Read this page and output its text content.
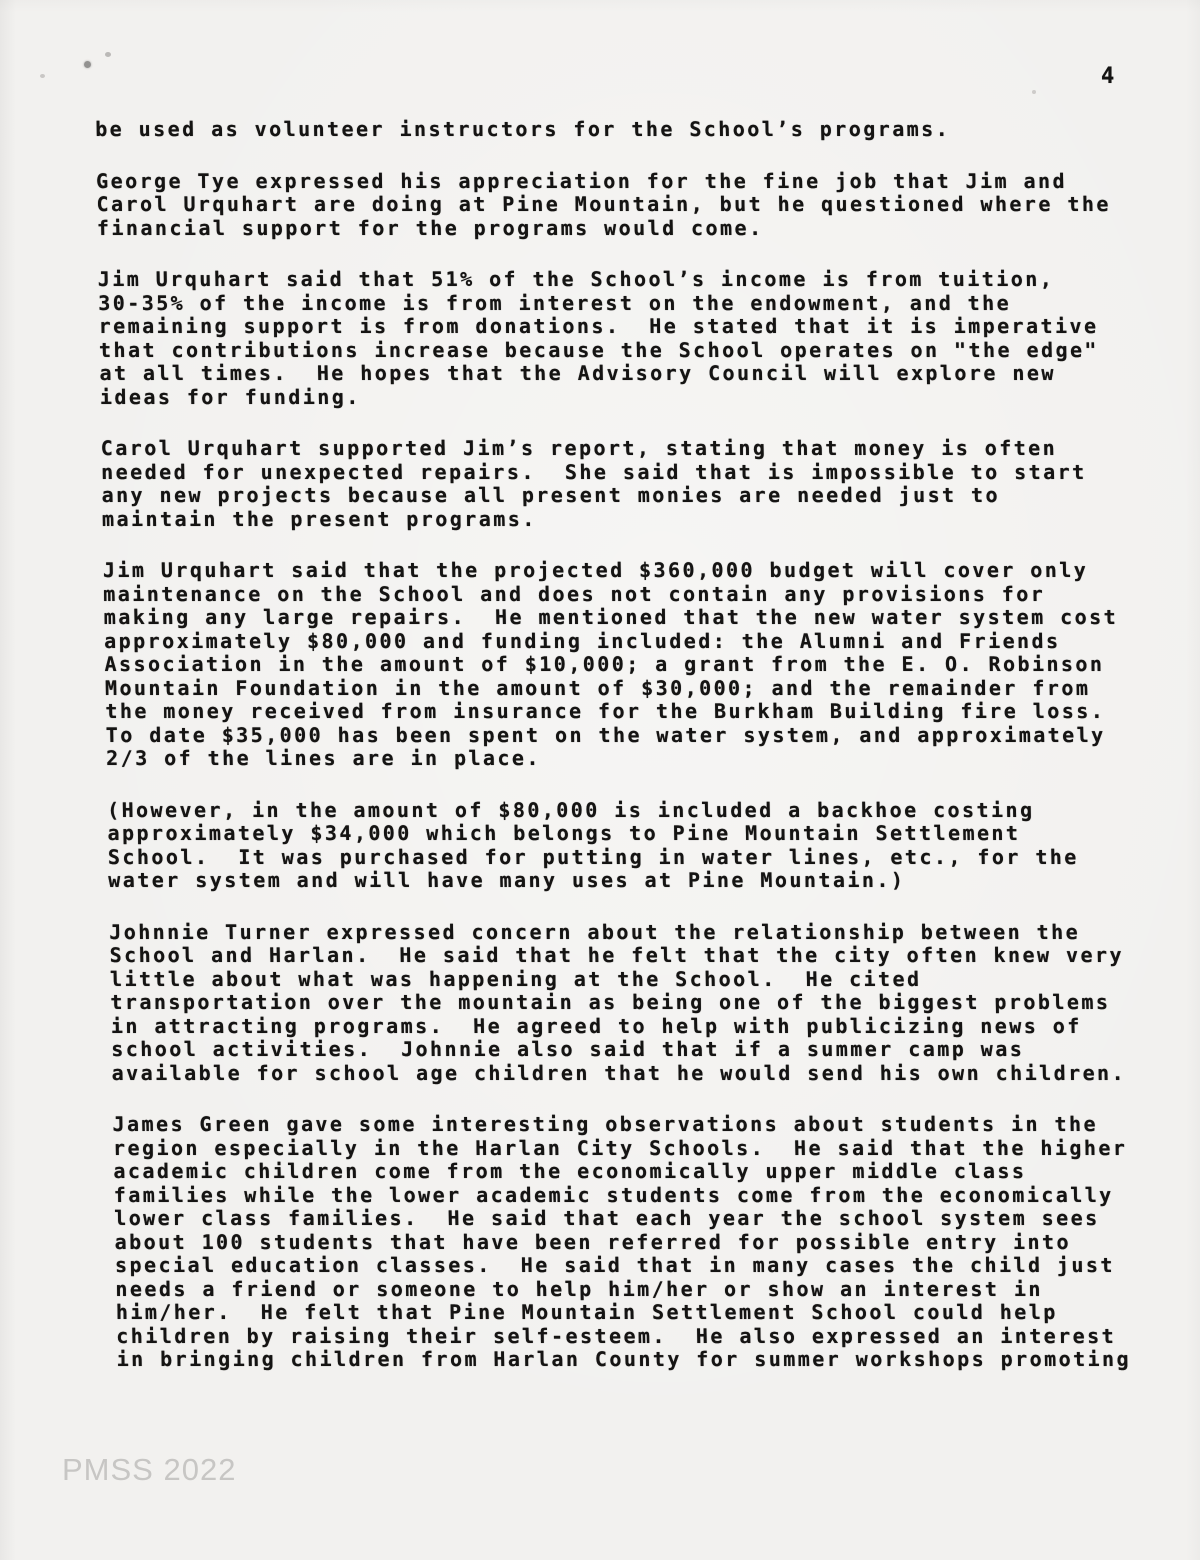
4
be used as volunteer instructors for the School’s programs.
George Tye expressed his appreciation for the fine job that Jim and
Carol Urquhart are doing at Pine Mountain, but he questioned where the
financial support for the programs would come.
Jim Urquhart said that 51% of the School’s income is from tuition,
30-35% of the income is from interest on the endowment, and the
remaining support is from donations.  He stated that it is imperative
that contributions increase because the School operates on "the edge"
at all times.  He hopes that the Advisory Council will explore new
ideas for funding.
Carol Urquhart supported Jim’s report, stating that money is often
needed for unexpected repairs.  She said that is impossible to start
any new projects because all present monies are needed just to
maintain the present programs.
Jim Urquhart said that the projected $360,000 budget will cover only
maintenance on the School and does not contain any provisions for
making any large repairs.  He mentioned that the new water system cost
approximately $80,000 and funding included: the Alumni and Friends
Association in the amount of $10,000; a grant from the E. O. Robinson
Mountain Foundation in the amount of $30,000; and the remainder from
the money received from insurance for the Burkham Building fire loss.
To date $35,000 has been spent on the water system, and approximately
2/3 of the lines are in place.
(However, in the amount of $80,000 is included a backhoe costing
approximately $34,000 which belongs to Pine Mountain Settlement
School.  It was purchased for putting in water lines, etc., for the
water system and will have many uses at Pine Mountain.)
Johnnie Turner expressed concern about the relationship between the
School and Harlan.  He said that he felt that the city often knew very
little about what was happening at the School.  He cited
transportation over the mountain as being one of the biggest problems
in attracting programs.  He agreed to help with publicizing news of
school activities.  Johnnie also said that if a summer camp was
available for school age children that he would send his own children.
James Green gave some interesting observations about students in the
region especially in the Harlan City Schools.  He said that the higher
academic children come from the economically upper middle class
families while the lower academic students come from the economically
lower class families.  He said that each year the school system sees
about 100 students that have been referred for possible entry into
special education classes.  He said that in many cases the child just
needs a friend or someone to help him/her or show an interest in
him/her.  He felt that Pine Mountain Settlement School could help
children by raising their self-esteem.  He also expressed an interest
in bringing children from Harlan County for summer workshops promoting
PMSS 2022
